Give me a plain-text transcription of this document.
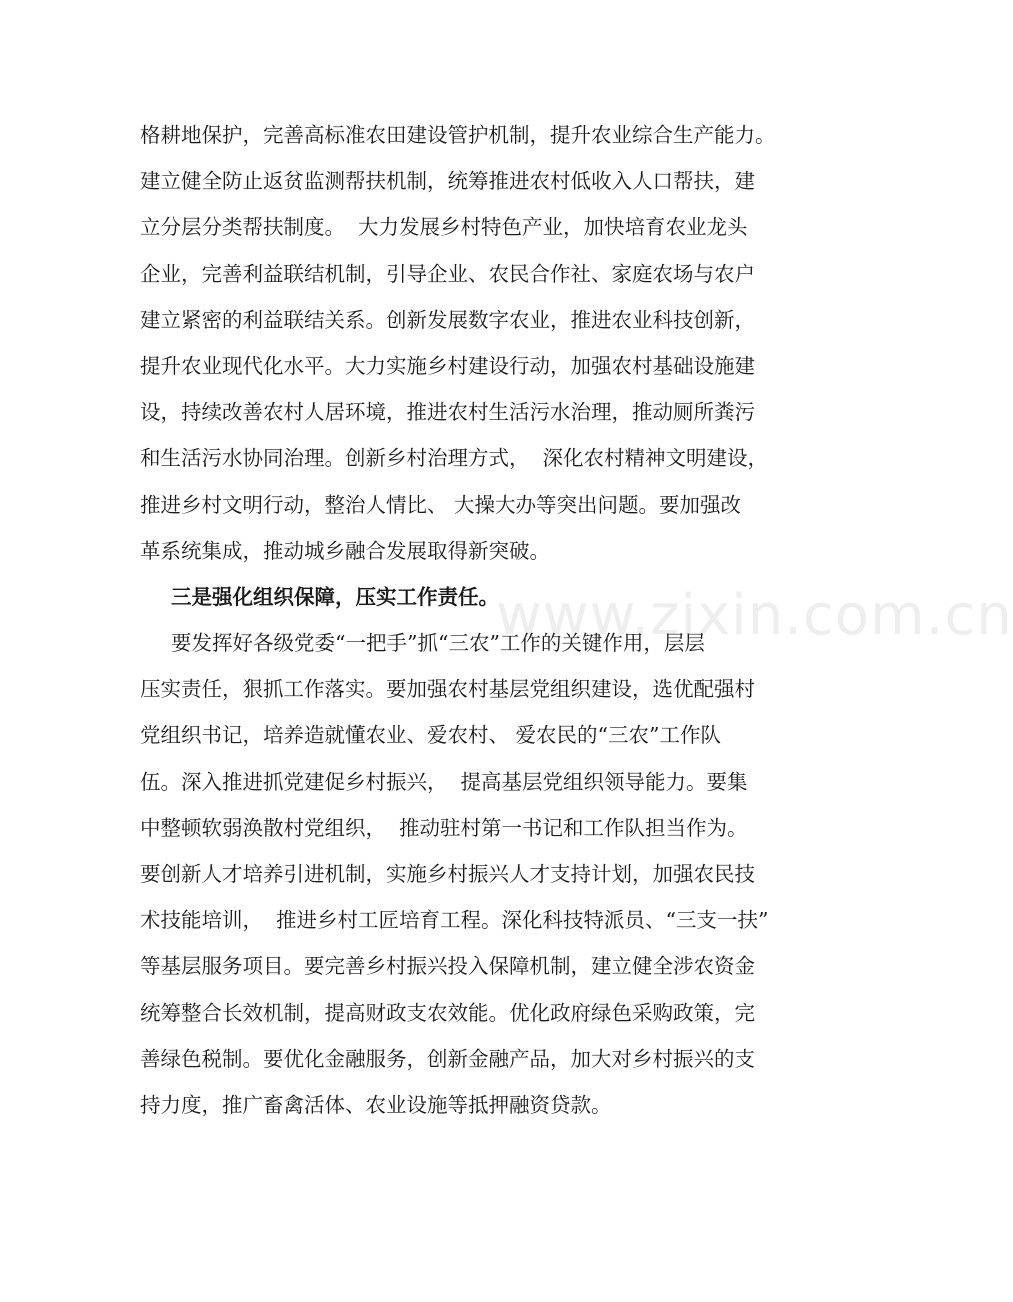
格耕地保护，完善高标准农田建设管护机制，提升农业综合生产能力。
建立健全防止返贫监测帮扶机制，统筹推进农村低收入人口帮扶，建
立分层分类帮扶制度。  大力发展乡村特色产业，加快培育农业龙头
企业，完善利益联结机制，引导企业、农民合作社、家庭农场与农户
建立紧密的利益联结关系。创新发展数字农业，推进农业科技创新，
提升农业现代化水平。大力实施乡村建设行动，加强农村基础设施建
设，持续改善农村人居环境，推进农村生活污水治理，推动厕所粪污
和生活污水协同治理。创新乡村治理方式，  深化农村精神文明建设，
推进乡村文明行动，整治人情比、 大操大办等突出问题。要加强改
革系统集成，推动城乡融合发展取得新突破。
三是强化组织保障，压实工作责任。
要发挥好各级党委“一把手”抓“三农”工作的关键作用，层层
压实责任，狠抓工作落实。要加强农村基层党组织建设，选优配强村
党组织书记，培养造就懂农业、爱农村、 爱农民的“三农”工作队
伍。深入推进抓党建促乡村振兴，  提高基层党组织领导能力。要集
中整顿软弱涣散村党组织，  推动驻村第一书记和工作队担当作为。
要创新人才培养引进机制，实施乡村振兴人才支持计划，加强农民技
术技能培训，  推进乡村工匠培育工程。深化科技特派员、“三支一扶”
等基层服务项目。要完善乡村振兴投入保障机制，建立健全涉农资金
统筹整合长效机制，提高财政支农效能。优化政府绿色采购政策，完
善绿色税制。要优化金融服务，创新金融产品，加大对乡村振兴的支
持力度，推广畜禽活体、农业设施等抵押融资贷款。
www.zixin.com.cn
